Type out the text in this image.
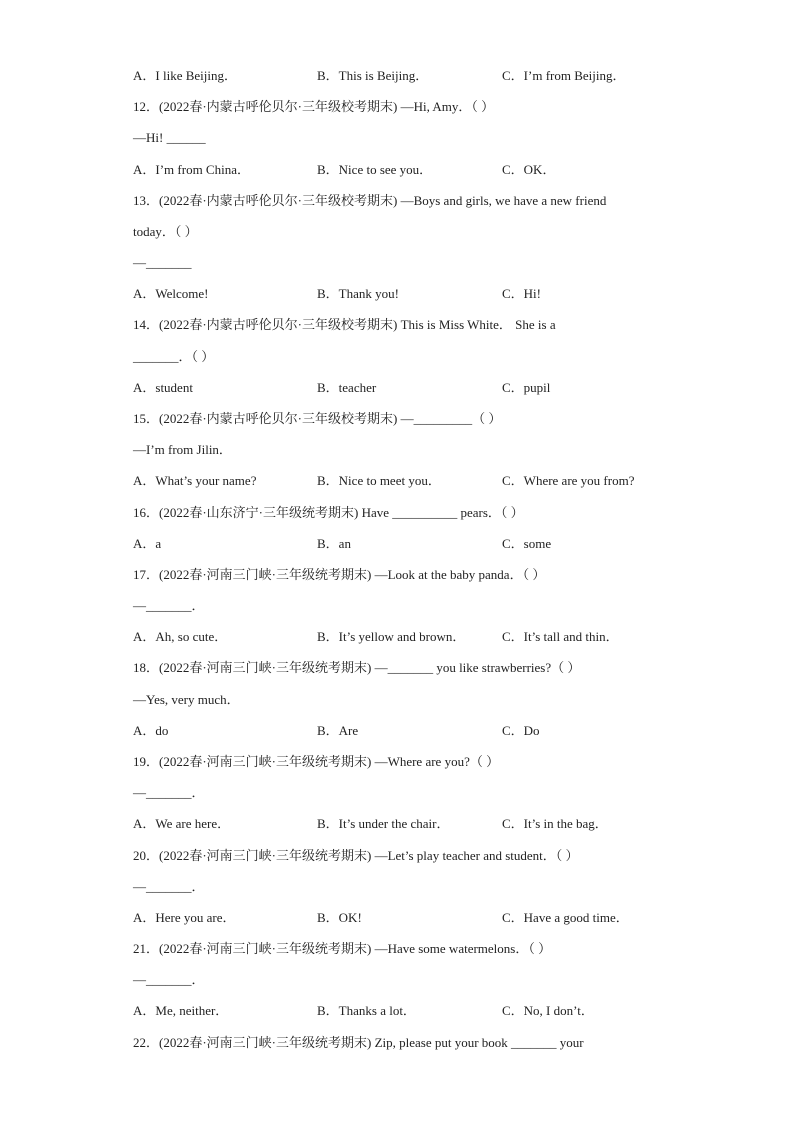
A．I like Beijing．	B．This is Beijing．	C．I’m from Beijing．
12．(2022春·内蒙古呼伦贝尔·三年级校考期末) —Hi, Amy．（ ）
—Hi! ______
A．I’m from China．	B．Nice to see you．	C．OK．
13．(2022春·内蒙古呼伦贝尔·三年级校考期末) —Boys and girls, we have a new friend
today．（ ）
—_______
A．Welcome!	B．Thank you!	C．Hi!
14．(2022春·内蒙古呼伦贝尔·三年级校考期末) This is Miss White． She is a
_______．（ ）
A．student	B．teacher	C．pupil
15．(2022春·内蒙古呼伦贝尔·三年级校考期末) —_________（ ）
—I’m from Jilin．
A．What’s your name?	B．Nice to meet you．	C．Where are you from?
16．(2022春·山东济宁·三年级统考期末) Have __________ pears．（ ）
A．a	B．an	C．some
17．(2022春·河南三门峡·三年级统考期末) —Look at the baby panda．（ ）
—_______．
A．Ah, so cute．	B．It’s yellow and brown．	C．It’s tall and thin．
18．(2022春·河南三门峡·三年级统考期末) —_______ you like strawberries?（ ）
—Yes, very much．
A．do	B．Are	C．Do
19．(2022春·河南三门峡·三年级统考期末) —Where are you?（ ）
—_______．
A．We are here．	B．It’s under the chair．	C．It’s in the bag．
20．(2022春·河南三门峡·三年级统考期末) —Let’s play teacher and student．（ ）
—_______．
A．Here you are．	B．OK!	C．Have a good time．
21．(2022春·河南三门峡·三年级统考期末) —Have some watermelons．（ ）
—_______．
A．Me, neither．	B．Thanks a lot．	C．No, I don’t．
22．(2022春·河南三门峡·三年级统考期末) Zip, please put your book _______ your
